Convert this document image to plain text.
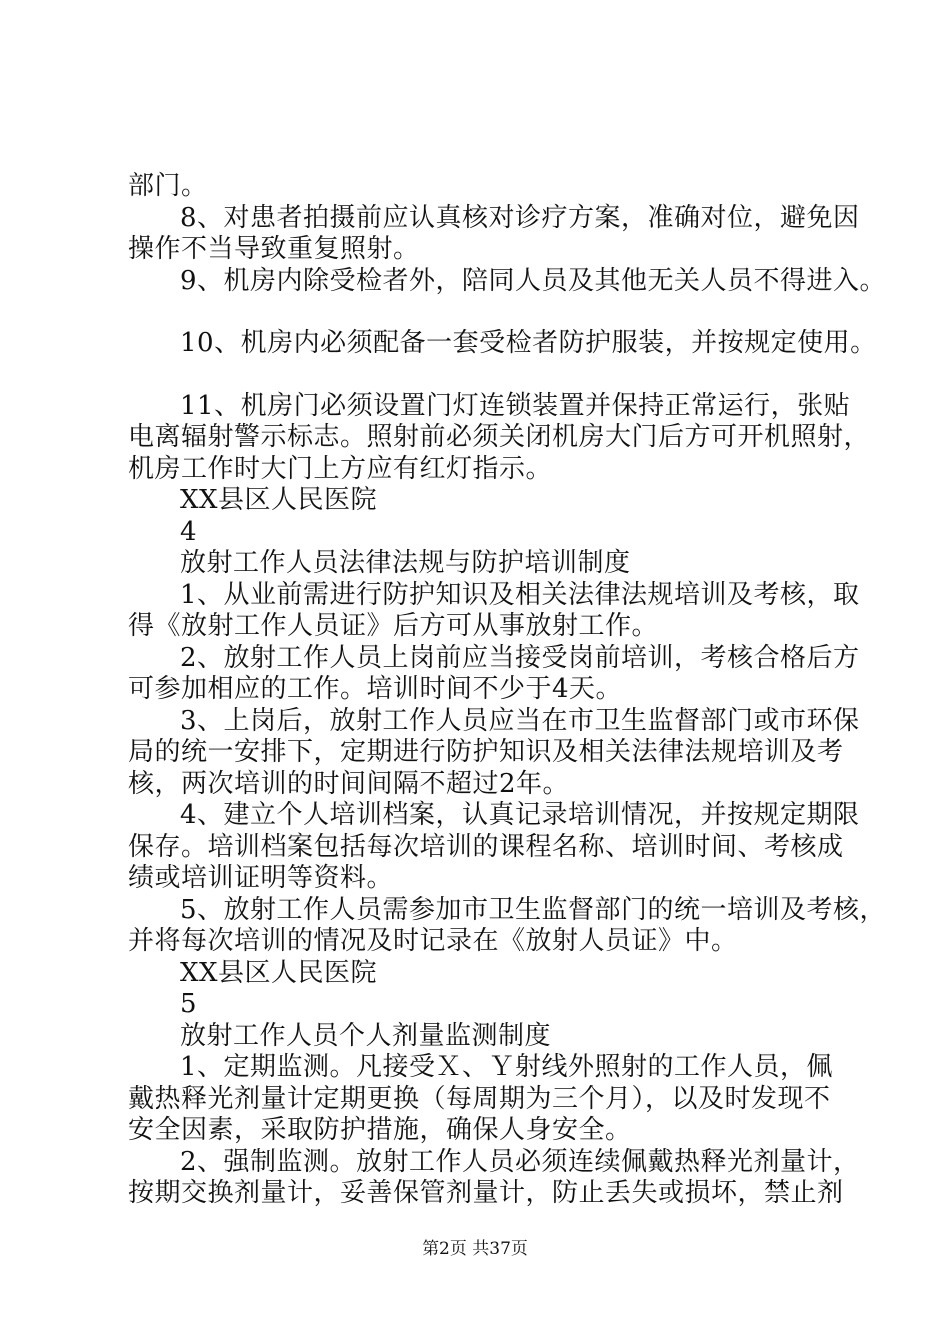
部门。
8、对患者拍摄前应认真核对诊疗方案，准确对位，避免因
操作不当导致重复照射。
9、机房内除受检者外，陪同人员及其他无关人员不得进入。
10、机房内必须配备一套受检者防护服装，并按规定使用。
11、机房门必须设置门灯连锁装置并保持正常运行，张贴
电离辐射警示标志。照射前必须关闭机房大门后方可开机照射，
机房工作时大门上方应有红灯指示。
XX县区人民医院
4
放射工作人员法律法规与防护培训制度
1、从业前需进行防护知识及相关法律法规培训及考核，取
得《放射工作人员证》后方可从事放射工作。
2、放射工作人员上岗前应当接受岗前培训，考核合格后方
可参加相应的工作。培训时间不少于4天。
3、上岗后，放射工作人员应当在市卫生监督部门或市环保
局的统一安排下，定期进行防护知识及相关法律法规培训及考
核，两次培训的时间间隔不超过2年。
4、建立个人培训档案，认真记录培训情况，并按规定期限
保存。培训档案包括每次培训的课程名称、培训时间、考核成
绩或培训证明等资料。
5、放射工作人员需参加市卫生监督部门的统一培训及考核，
并将每次培训的情况及时记录在《放射人员证》中。
XX县区人民医院
5
放射工作人员个人剂量监测制度
1、定期监测。凡接受Ｘ、Ｙ射线外照射的工作人员，佩
戴热释光剂量计定期更换（每周期为三个月），以及时发现不
安全因素，采取防护措施，确保人身安全。
2、强制监测。放射工作人员必须连续佩戴热释光剂量计，
按期交换剂量计，妥善保管剂量计，防止丢失或损坏，禁止剂
第2页 共37页
